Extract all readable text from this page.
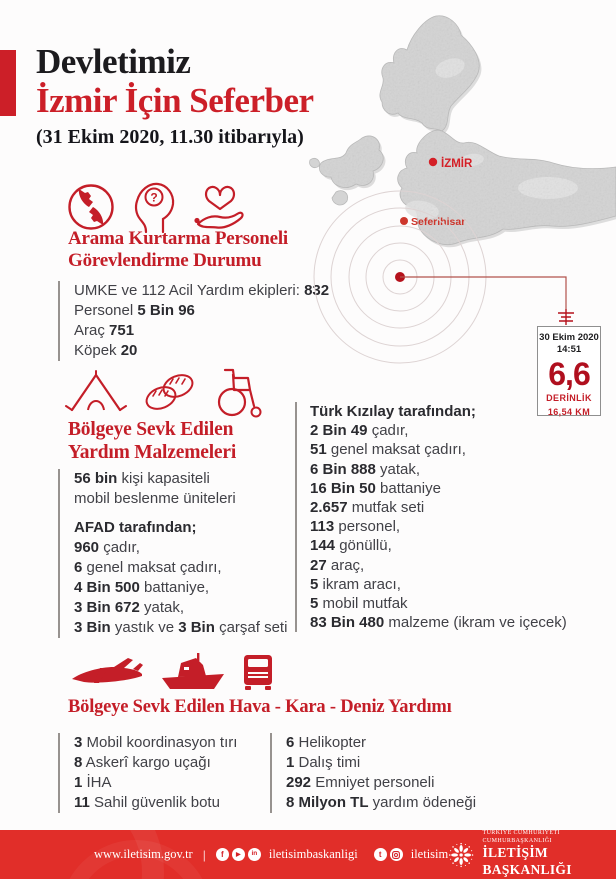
İZMİR
Seferihisar
30 Ekim 2020
14:51
6,6
DERİNLİK
16,54 KM
Devletimiz
İzmir İçin Seferber
(31 Ekim 2020, 11.30 itibarıyla)
?
Arama Kurtarma Personeli
Görevlendirme Durumu
UMKE ve 112 Acil Yardım ekipleri: 832
Personel 5 Bin 96
Araç 751
Köpek 20
Bölgeye Sevk Edilen
Yardım Malzemeleri
56 bin kişi kapasiteli
mobil beslenme üniteleri
AFAD tarafından;
960 çadır,
6 genel maksat çadırı,
4 Bin 500 battaniye,
3 Bin 672 yatak,
3 Bin yastık ve 3 Bin çarşaf seti
Türk Kızılay tarafından;
2 Bin 49 çadır,
51 genel maksat çadırı,
6 Bin 888 yatak,
16 Bin 50 battaniye
2.657 mutfak seti
113 personel,
144 gönüllü,
27 araç,
5 ikram aracı,
5 mobil mutfak
83 Bin 480 malzeme (ikram ve içecek)
Bölgeye Sevk Edilen Hava - Kara - Deniz Yardımı
3 Mobil koordinasyon tırı
8 Askerî kargo uçağı
1 İHA
11 Sahil güvenlik botu
6 Helikopter
1 Dalış timi
292 Emniyet personeli
8 Milyon TL yardım ödeneği
www.iletisim.gov.tr |	f	▶	in iletisimbaskanligi	t	iletisim
TÜRKİYE CUMHURİYETİ CUMHURBAŞKANLIĞI
İLETİŞİM BAŞKANLIĞI
